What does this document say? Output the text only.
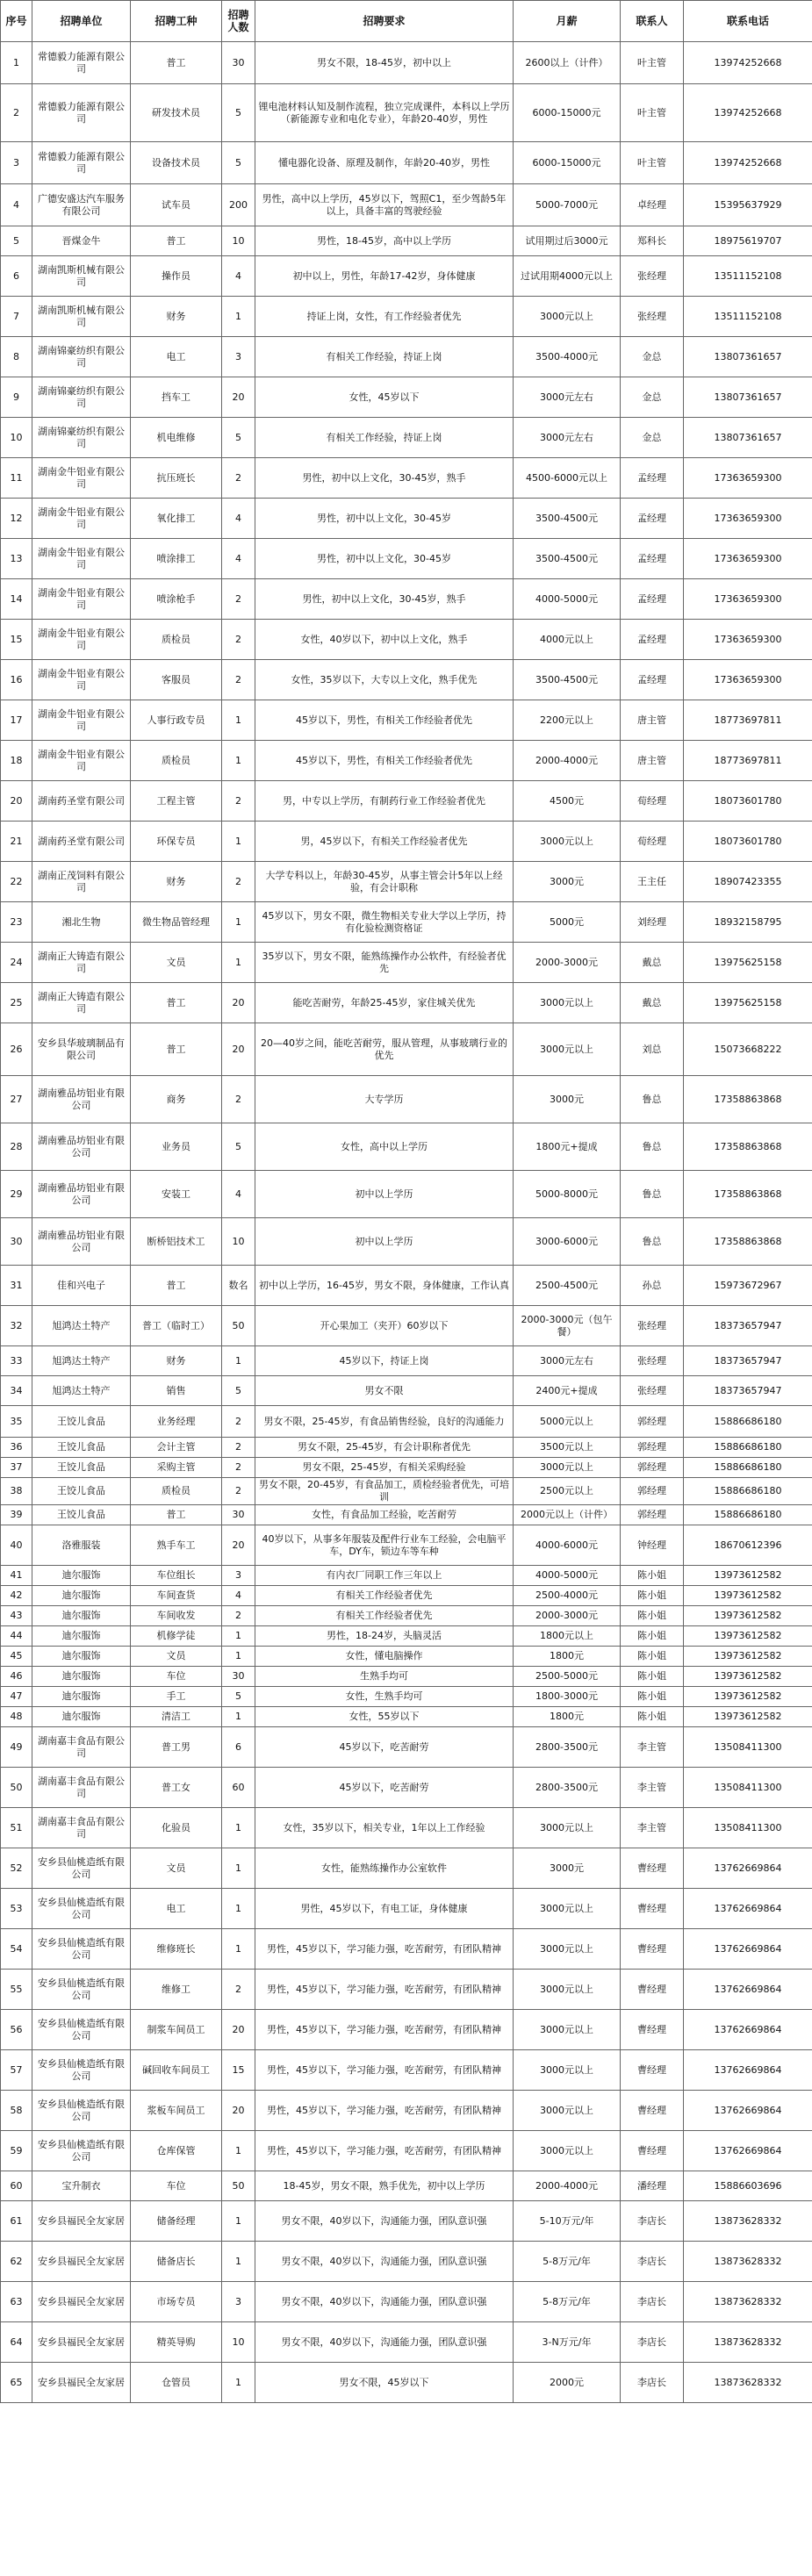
序号	招聘单位	招聘工种	招聘人数	招聘要求	月薪	联系人	联系电话
1	常德毅力能源有限公司	普工	30	男女不限，18-45岁，初中以上	2600以上（计件）	叶主管	13974252668
2	常德毅力能源有限公司	研发技术员	5	锂电池材料认知及制作流程，独立完成课件，本科以上学历（新能源专业和电化专业），年龄20-40岁，男性	6000-15000元	叶主管	13974252668
3	常德毅力能源有限公司	设备技术员	5	懂电器化设备、原理及制作，年龄20-40岁，男性	6000-15000元	叶主管	13974252668
4	广德安盛达汽车服务有限公司	试车员	200	男性，高中以上学历，45岁以下，驾照C1，至少驾龄5年以上，具备丰富的驾驶经验	5000-7000元	卓经理	15395637929
5	晋煤金牛	普工	10	男性，18-45岁，高中以上学历	试用期过后3000元	郑科长	18975619707
6	湖南凯斯机械有限公司	操作员	4	初中以上，男性，年龄17-42岁，身体健康	过试用期4000元以上	张经理	13511152108
7	湖南凯斯机械有限公司	财务	1	持证上岗，女性，有工作经验者优先	3000元以上	张经理	13511152108
8	湖南锦豪纺织有限公司	电工	3	有相关工作经验，持证上岗	3500-4000元	金总	13807361657
9	湖南锦豪纺织有限公司	挡车工	20	女性，45岁以下	3000元左右	金总	13807361657
10	湖南锦豪纺织有限公司	机电维修	5	有相关工作经验，持证上岗	3000元左右	金总	13807361657
11	湖南金牛铝业有限公司	抗压班长	2	男性，初中以上文化，30-45岁，熟手	4500-6000元以上	孟经理	17363659300
12	湖南金牛铝业有限公司	氧化排工	4	男性，初中以上文化，30-45岁	3500-4500元	孟经理	17363659300
13	湖南金牛铝业有限公司	喷涂排工	4	男性，初中以上文化，30-45岁	3500-4500元	孟经理	17363659300
14	湖南金牛铝业有限公司	喷涂枪手	2	男性，初中以上文化，30-45岁，熟手	4000-5000元	孟经理	17363659300
15	湖南金牛铝业有限公司	质检员	2	女性，40岁以下，初中以上文化，熟手	4000元以上	孟经理	17363659300
16	湖南金牛铝业有限公司	客服员	2	女性，35岁以下，大专以上文化，熟手优先	3500-4500元	孟经理	17363659300
17	湖南金牛铝业有限公司	人事行政专员	1	45岁以下，男性，有相关工作经验者优先	2200元以上	唐主管	18773697811
18	湖南金牛铝业有限公司	质检员	1	45岁以下，男性，有相关工作经验者优先	2000-4000元	唐主管	18773697811
20	湖南药圣堂有限公司	工程主管	2	男，中专以上学历，有制药行业工作经验者优先	4500元	荀经理	18073601780
21	湖南药圣堂有限公司	环保专员	1	男，45岁以下，有相关工作经验者优先	3000元以上	荀经理	18073601780
22	湖南正茂饲料有限公司	财务	2	大学专科以上，年龄30-45岁，从事主管会计5年以上经验，有会计职称	3000元	王主任	18907423355
23	湘北生物	微生物品管经理	1	45岁以下，男女不限，微生物相关专业大学以上学历，持有化验检测资格证	5000元	刘经理	18932158795
24	湖南正大铸造有限公司	文员	1	35岁以下，男女不限，能熟练操作办公软件，有经验者优先	2000-3000元	戴总	13975625158
25	湖南正大铸造有限公司	普工	20	能吃苦耐劳，年龄25-45岁，家住城关优先	3000元以上	戴总	13975625158
26	安乡县华玻璃制品有限公司	普工	20	20—40岁之间，能吃苦耐劳，服从管理，从事玻璃行业的优先	3000元以上	刘总	15073668222
27	湖南雅品坊铝业有限公司	商务	2	大专学历	3000元	鲁总	17358863868
28	湖南雅品坊铝业有限公司	业务员	5	女性，高中以上学历	1800元+提成	鲁总	17358863868
29	湖南雅品坊铝业有限公司	安装工	4	初中以上学历	5000-8000元	鲁总	17358863868
30	湖南雅品坊铝业有限公司	断桥铝技术工	10	初中以上学历	3000-6000元	鲁总	17358863868
31	佳和兴电子	普工	数名	初中以上学历，16-45岁，男女不限，身体健康，工作认真	2500-4500元	孙总	15973672967
32	旭鸿达土特产	普工（临时工）	50	开心果加工（夹开）60岁以下	2000-3000元（包午餐）	张经理	18373657947
33	旭鸿达土特产	财务	1	45岁以下，持证上岗	3000元左右	张经理	18373657947
34	旭鸿达土特产	销售	5	男女不限	2400元+提成	张经理	18373657947
35	王饺儿食品	业务经理	2	男女不限，25-45岁，有食品销售经验，良好的沟通能力	5000元以上	郭经理	15886686180
36	王饺儿食品	会计主管	2	男女不限，25-45岁，有会计职称者优先	3500元以上	郭经理	15886686180
37	王饺儿食品	采购主管	2	男女不限，25-45岁，有相关采购经验	3000元以上	郭经理	15886686180
38	王饺儿食品	质检员	2	男女不限，20-45岁，有食品加工，质检经验者优先，可培训	2500元以上	郭经理	15886686180
39	王饺儿食品	普工	30	女性，有食品加工经验，吃苦耐劳	2000元以上（计件）	郭经理	15886686180
40	洛雅服装	熟手车工	20	40岁以下，从事多年服装及配件行业车工经验，会电脑平车，DY车，锁边车等车种	4000-6000元	钟经理	18670612396
41	迪尔服饰	车位组长	3	有内衣厂同职工作三年以上	4000-5000元	陈小姐	13973612582
42	迪尔服饰	车间查货	4	有相关工作经验者优先	2500-4000元	陈小姐	13973612582
43	迪尔服饰	车间收发	2	有相关工作经验者优先	2000-3000元	陈小姐	13973612582
44	迪尔服饰	机修学徒	1	男性，18-24岁，头脑灵活	1800元以上	陈小姐	13973612582
45	迪尔服饰	文员	1	女性，懂电脑操作	1800元	陈小姐	13973612582
46	迪尔服饰	车位	30	生熟手均可	2500-5000元	陈小姐	13973612582
47	迪尔服饰	手工	5	女性，生熟手均可	1800-3000元	陈小姐	13973612582
48	迪尔服饰	清洁工	1	女性，55岁以下	1800元	陈小姐	13973612582
49	湖南嘉丰食品有限公司	普工男	6	45岁以下，吃苦耐劳	2800-3500元	李主管	13508411300
50	湖南嘉丰食品有限公司	普工女	60	45岁以下，吃苦耐劳	2800-3500元	李主管	13508411300
51	湖南嘉丰食品有限公司	化验员	1	女性，35岁以下，相关专业，1年以上工作经验	3000元以上	李主管	13508411300
52	安乡县仙桃造纸有限公司	文员	1	女性，能熟练操作办公室软件	3000元	曹经理	13762669864
53	安乡县仙桃造纸有限公司	电工	1	男性，45岁以下，有电工证，身体健康	3000元以上	曹经理	13762669864
54	安乡县仙桃造纸有限公司	维修班长	1	男性，45岁以下，学习能力强，吃苦耐劳，有团队精神	3000元以上	曹经理	13762669864
55	安乡县仙桃造纸有限公司	维修工	2	男性，45岁以下，学习能力强，吃苦耐劳，有团队精神	3000元以上	曹经理	13762669864
56	安乡县仙桃造纸有限公司	制浆车间员工	20	男性，45岁以下，学习能力强，吃苦耐劳，有团队精神	3000元以上	曹经理	13762669864
57	安乡县仙桃造纸有限公司	碱回收车间员工	15	男性，45岁以下，学习能力强，吃苦耐劳，有团队精神	3000元以上	曹经理	13762669864
58	安乡县仙桃造纸有限公司	浆板车间员工	20	男性，45岁以下，学习能力强，吃苦耐劳，有团队精神	3000元以上	曹经理	13762669864
59	安乡县仙桃造纸有限公司	仓库保管	1	男性，45岁以下，学习能力强，吃苦耐劳，有团队精神	3000元以上	曹经理	13762669864
60	宝升制衣	车位	50	18-45岁，男女不限，熟手优先，初中以上学历	2000-4000元	潘经理	15886603696
61	安乡县福民全友家居	储备经理	1	男女不限，40岁以下，沟通能力强，团队意识强	5-10万元/年	李店长	13873628332
62	安乡县福民全友家居	储备店长	1	男女不限，40岁以下，沟通能力强，团队意识强	5-8万元/年	李店长	13873628332
63	安乡县福民全友家居	市场专员	3	男女不限，40岁以下，沟通能力强，团队意识强	5-8万元/年	李店长	13873628332
64	安乡县福民全友家居	精英导购	10	男女不限，40岁以下，沟通能力强，团队意识强	3-N万元/年	李店长	13873628332
65	安乡县福民全友家居	仓管员	1	男女不限，45岁以下	2000元	李店长	13873628332
